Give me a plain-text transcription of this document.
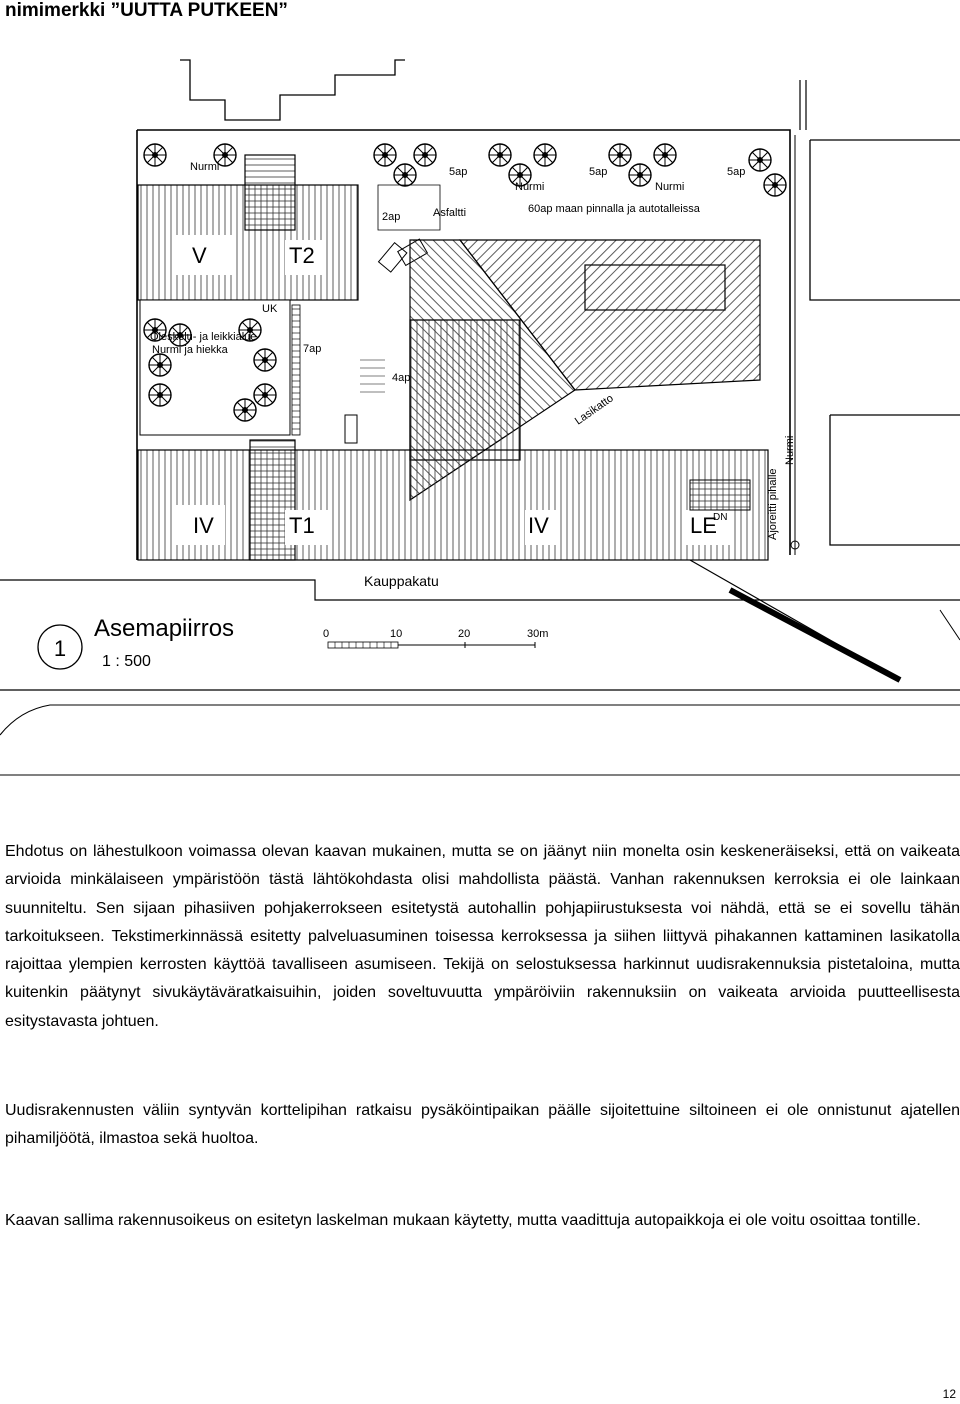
nimimerkki ”UUTTA PUTKEEN”
Nurmi	5ap	5ap	5ap
Nurmi	Nurmi
2ap	Asfaltti	60ap maan pinnalla ja autotalleissa
V	T2
UK
Oleskelu- ja leikkialue
Nurmi ja hiekka	7ap
4ap
Lasikatto
Ajoreitti pihalle
Nurmi
IV	T1	IV	LE
DN
Kauppakatu
1
Asemapiirros
1 : 500
0	10	20	30m
Ehdotus on lähestulkoon voimassa olevan kaavan mukainen, mutta se on jäänyt niin monelta osin keskeneräiseksi, että on vaikeata arvioida minkälaiseen ympäristöön tästä lähtökohdasta olisi mahdollista päästä. Vanhan rakennuksen kerroksia ei ole lainkaan suunniteltu. Sen sijaan pihasiiven pohjakerrokseen esitetystä autohallin pohjapiirustuksesta voi nähdä, että se ei sovellu tähän tarkoitukseen. Tekstimerkinnässä esitetty palveluasuminen toisessa kerroksessa ja siihen liittyvä pihakannen kattaminen lasikatolla rajoittaa ylempien kerrosten käyttöä tavalliseen asumiseen. Tekijä on selostuksessa harkinnut uudisrakennuksia pistetaloina, mutta kuitenkin päätynyt sivukäytäväratkaisuihin, joiden soveltuvuutta ympäröiviin rakennuksiin on vaikeata arvioida puutteellisesta esitystavasta johtuen.
Uudisrakennusten väliin syntyvän korttelipihan ratkaisu pysäköintipaikan päälle sijoitettuine siltoineen ei ole onnistunut ajatellen pihamiljöötä, ilmastoa sekä huoltoa.
Kaavan sallima rakennusoikeus on esitetyn laskelman mukaan käytetty, mutta vaadittuja autopaikkoja ei ole voitu osoittaa tontille.
12
